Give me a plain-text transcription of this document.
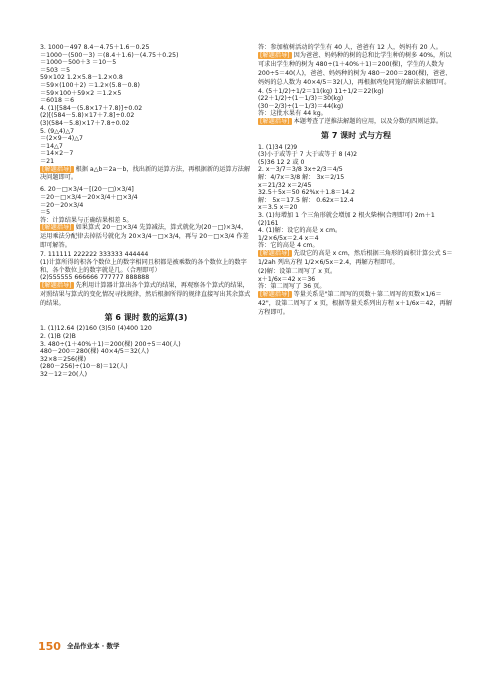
3. 1000－497 8.4－4.75＋1.6－0.25
＝1000－(500－3) ＝(8.4＋1.6)－(4.75＋0.25)
＝1000－500＋3 ＝10－5
＝503 ＝5
59×102 1.2×5.8－1.2×0.8
＝59×(100＋2) ＝1.2×(5.8－0.8)
＝59×100＋59×2 ＝1.2×5
＝6018 ＝6
4. (1)[584－(5.8×17＋7.8)]÷0.02
(2)[(584－5.8)×17＋7.8]÷0.02
(3)(584－5.8)×17＋7.8÷0.02
5. (9△4)△7
＝(2×9－4)△7
＝14△7
＝14×2－7
＝21
[解题指导] 根据 a△b＝2a－b，找出新的运算方法，再根据新的运算方法解决问题即可。
6. 20－□×3/4－[(20－□)×3/4]
＝20－□×3/4－20×3/4＋□×3/4
＝20－20×3/4
＝5
答：计算结果与正确结果相差 5。
[解题指导] 如果算式 20－□×3/4 先算减法，算式就化为(20－□)×3/4，运用乘法分配律去掉括号就化为 20×3/4－□×3/4，再与 20－□×3/4 作差即可解答。
7. 111111 222222 333333 444444
(1)计算所得的积各个数位上的数字相同且积都是被乘数的各个数位上的数字和，各个数位上的数字就是几。（合理即可）
(2)555555 666666 777777 888888
[解题指导] 先利用计算器计算出各个算式的结果，再观察各个算式的结果，对照结果与算式的变化情况寻找规律，然后根据所得的规律直接写出其余算式的结果。
第 6 课时 数的运算(3)
1. (1)12.64 (2)160 (3)50 (4)400 120
2. (1)B (2)B
3. 480÷(1＋40%＋1)＝200(棵) 200÷5＝40(人)
480－200＝280(棵) 40×4/5＝32(人)
32×8＝256(棵)
(280－256)÷(10－8)＝12(人)
32－12＝20(人)
答：参加植树活动的学生有 40 人，爸爸有 12 人，妈妈有 20 人。
[解题指导] 因为爸爸、妈妈种的树的总和比学生种的树多 40%，所以可求出学生种的树为 480÷(1＋40%＋1)＝200(棵)，学生的人数为 200÷5＝40(人)，爸爸、妈妈种的树为 480－200＝280(棵)，爸爸、妈妈的总人数为 40×4/5＝32(人)，再根据鸡兔同笼的解法求解即可。
4. (5＋1/2)÷1/2＝11(kg) 11÷1/2＝22(kg)
(22＋1/2)÷(1－1/3)＝30(kg)
(30－2/3)÷(1－1/3)＝44(kg)
答：这批水果有 44 kg。
[解题指导] 本题考查了逆推法解题的应用，以及分数的四则运算。
第 7 课时 式与方程
1. (1)34 (2)9
(3)小于或等于 7 大于或等于 8 (4)2
(5)36 12 2 或 0
2. x－3/7＝3/8 3x÷2/3＝4/5
解：4/7x＝3/8 解： 3x＝2/15
x＝21/32 x＝2/45
32.5＋5x＝50 62%x＋1.8＝14.2
解： 5x＝17.5 解： 0.62x＝12.4
x＝3.5 x＝20
3. (1)每增加 1 个三角形就会增加 2 根火柴棒(合理即可) 2m＋1
(2)161
4. (1)解：设它的高是 x cm。
1/2×6/5x＝2.4 x＝4
答：它的高是 4 cm。
[解题指导] 先设它的高是 x cm，然后根据三角形的面积计算公式 S＝1/2ah 列出方程 1/2×6/5x＝2.4，再解方程即可。
(2)解：设第二周写了 x 页。
x＋1/6x＝42 x＝36
答：第二周写了 36 页。
[解题指导] 等量关系是"第二周写的页数＋第二周写的页数×1/6＝42"，设第二周写了 x 页，根据等量关系列出方程 x＋1/6x＝42，再解方程即可。
150 全品作业本 · 数学
